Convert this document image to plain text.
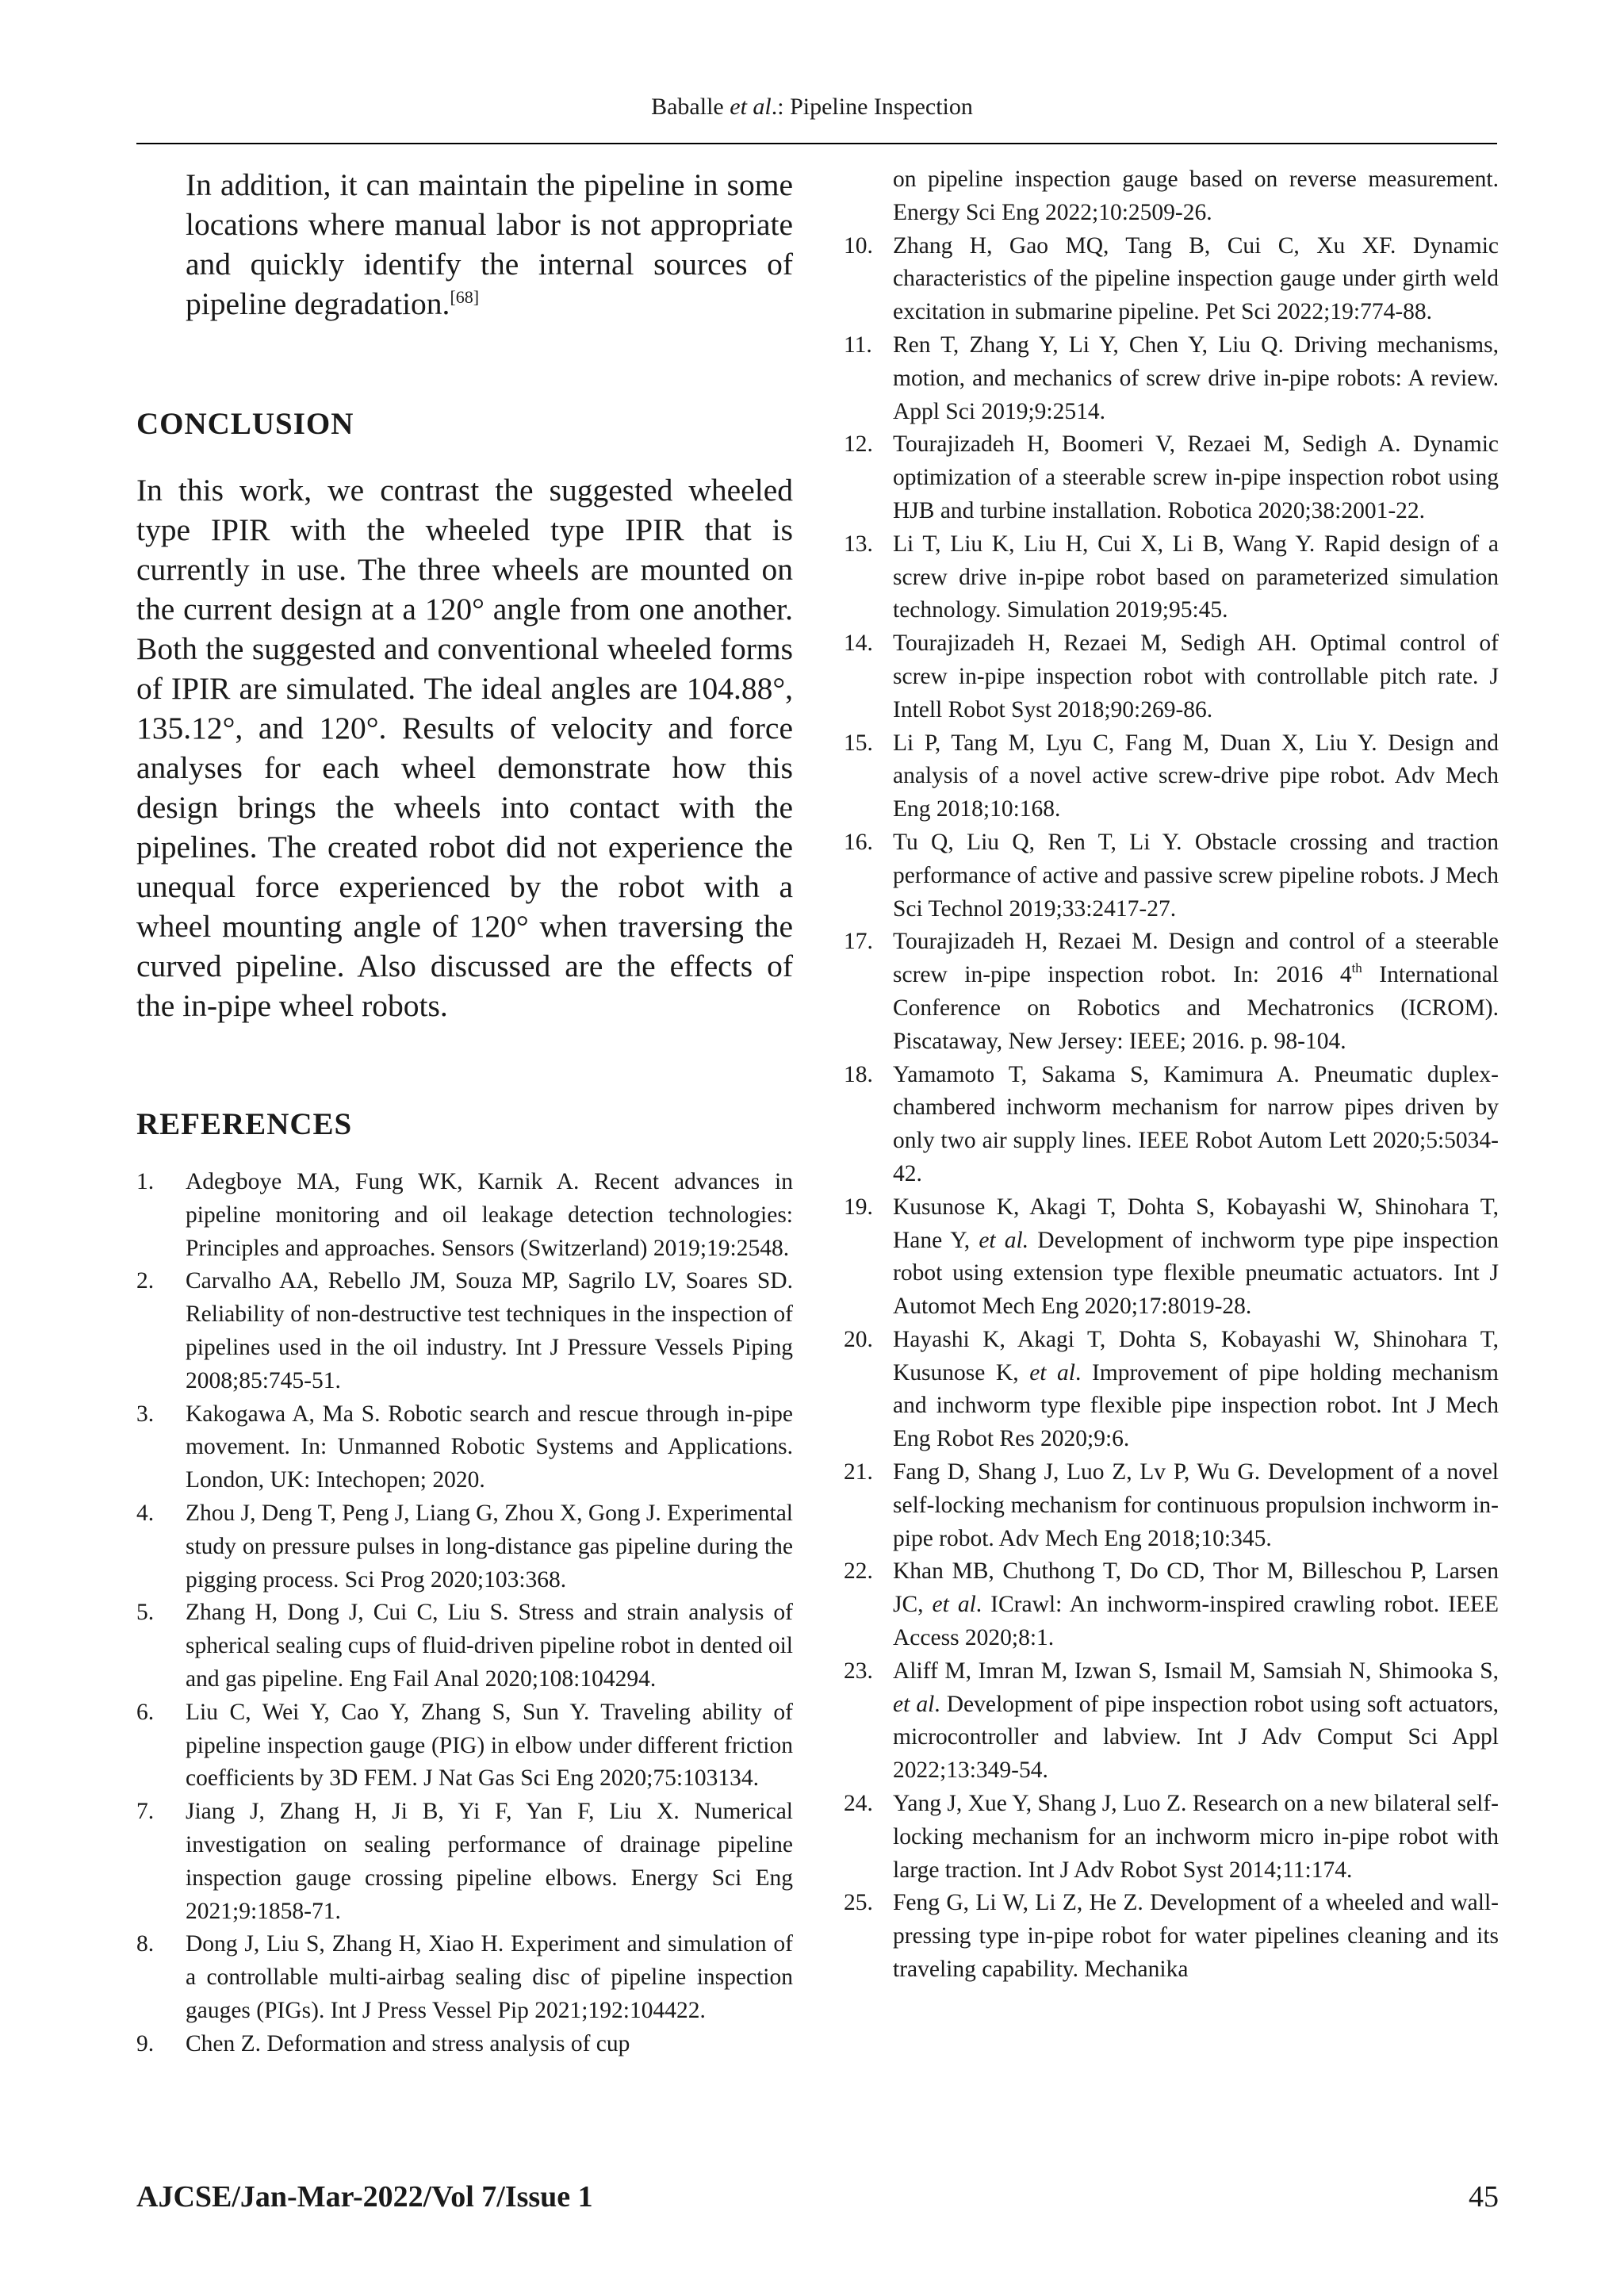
Baballe et al.: Pipeline Inspection

In addition, it can maintain the pipeline in some locations where manual labor is not appropriate and quickly identify the internal sources of pipeline degradation.[68]

CONCLUSION

In this work, we contrast the suggested wheeled type IPIR with the wheeled type IPIR that is currently in use. The three wheels are mounted on the current design at a 120° angle from one another. Both the suggested and conventional wheeled forms of IPIR are simulated. The ideal angles are 104.88°, 135.12°, and 120°. Results of velocity and force analyses for each wheel demonstrate how this design brings the wheels into contact with the pipelines. The created robot did not experience the unequal force experienced by the robot with a wheel mounting angle of 120° when traversing the curved pipeline. Also discussed are the effects of the in-pipe wheel robots.

REFERENCES
1.	Adegboye MA, Fung WK, Karnik A. Recent advances in pipeline monitoring and oil leakage detection technologies: Principles and approaches. Sensors (Switzerland) 2019;19:2548.
2.	Carvalho AA, Rebello JM, Souza MP, Sagrilo LV, Soares SD. Reliability of non-destructive test techniques in the inspection of pipelines used in the oil industry. Int J Pressure Vessels Piping 2008;85:745-51.
3.	Kakogawa A, Ma S. Robotic search and rescue through in-pipe movement. In: Unmanned Robotic Systems and Applications. London, UK: Intechopen; 2020.
4.	Zhou J, Deng T, Peng J, Liang G, Zhou X, Gong J. Experimental study on pressure pulses in long-distance gas pipeline during the pigging process. Sci Prog 2020;103:368.
5.	Zhang H, Dong J, Cui C, Liu S. Stress and strain analysis of spherical sealing cups of fluid-driven pipeline robot in dented oil and gas pipeline. Eng Fail Anal 2020;108:104294.
6.	Liu C, Wei Y, Cao Y, Zhang S, Sun Y. Traveling ability of pipeline inspection gauge (PIG) in elbow under different friction coefficients by 3D FEM. J Nat Gas Sci Eng 2020;75:103134.
7.	Jiang J, Zhang H, Ji B, Yi F, Yan F, Liu X. Numerical investigation on sealing performance of drainage pipeline inspection gauge crossing pipeline elbows. Energy Sci Eng 2021;9:1858-71.
8.	Dong J, Liu S, Zhang H, Xiao H. Experiment and simulation of a controllable multi-airbag sealing disc of pipeline inspection gauges (PIGs). Int J Press Vessel Pip 2021;192:104422.
9.	Chen Z. Deformation and stress analysis of cup
on pipeline inspection gauge based on reverse measurement. Energy Sci Eng 2022;10:2509-26.
10. Zhang H, Gao MQ, Tang B, Cui C, Xu XF. Dynamic characteristics of the pipeline inspection gauge under girth weld excitation in submarine pipeline. Pet Sci 2022;19:774-88.
11. Ren T, Zhang Y, Li Y, Chen Y, Liu Q. Driving mechanisms, motion, and mechanics of screw drive in-pipe robots: A review. Appl Sci 2019;9:2514.
12. Tourajizadeh H, Boomeri V, Rezaei M, Sedigh A. Dynamic optimization of a steerable screw in-pipe inspection robot using HJB and turbine installation. Robotica 2020;38:2001-22.
13. Li T, Liu K, Liu H, Cui X, Li B, Wang Y. Rapid design of a screw drive in-pipe robot based on parameterized simulation technology. Simulation 2019;95:45.
14. Tourajizadeh H, Rezaei M, Sedigh AH. Optimal control of screw in-pipe inspection robot with controllable pitch rate. J Intell Robot Syst 2018;90:269-86.
15. Li P, Tang M, Lyu C, Fang M, Duan X, Liu Y. Design and analysis of a novel active screw-drive pipe robot. Adv Mech Eng 2018;10:168.
16. Tu Q, Liu Q, Ren T, Li Y. Obstacle crossing and traction performance of active and passive screw pipeline robots. J Mech Sci Technol 2019;33:2417-27.
17. Tourajizadeh H, Rezaei M. Design and control of a steerable screw in-pipe inspection robot. In: 2016 4th International Conference on Robotics and Mechatronics (ICROM). Piscataway, New Jersey: IEEE; 2016. p. 98-104.
18. Yamamoto T, Sakama S, Kamimura A. Pneumatic duplex-chambered inchworm mechanism for narrow pipes driven by only two air supply lines. IEEE Robot Autom Lett 2020;5:5034-42.
19. Kusunose K, Akagi T, Dohta S, Kobayashi W, Shinohara T, Hane Y, et al. Development of inchworm type pipe inspection robot using extension type flexible pneumatic actuators. Int J Automot Mech Eng 2020;17:8019-28.
20. Hayashi K, Akagi T, Dohta S, Kobayashi W, Shinohara T, Kusunose K, et al. Improvement of pipe holding mechanism and inchworm type flexible pipe inspection robot. Int J Mech Eng Robot Res 2020;9:6.
21. Fang D, Shang J, Luo Z, Lv P, Wu G. Development of a novel self-locking mechanism for continuous propulsion inchworm in-pipe robot. Adv Mech Eng 2018;10:345.
22. Khan MB, Chuthong T, Do CD, Thor M, Billeschou P, Larsen JC, et al. ICrawl: An inchworm-inspired crawling robot. IEEE Access 2020;8:1.
23. Aliff M, Imran M, Izwan S, Ismail M, Samsiah N, Shimooka S, et al. Development of pipe inspection robot using soft actuators, microcontroller and labview. Int J Adv Comput Sci Appl 2022;13:349-54.
24. Yang J, Xue Y, Shang J, Luo Z. Research on a new bilateral self-locking mechanism for an inchworm micro in-pipe robot with large traction. Int J Adv Robot Syst 2014;11:174.
25. Feng G, Li W, Li Z, He Z. Development of a wheeled and wall-pressing type in-pipe robot for water pipelines cleaning and its traveling capability. Mechanika
AJCSE/Jan-Mar-2022/Vol 7/Issue 1	45
